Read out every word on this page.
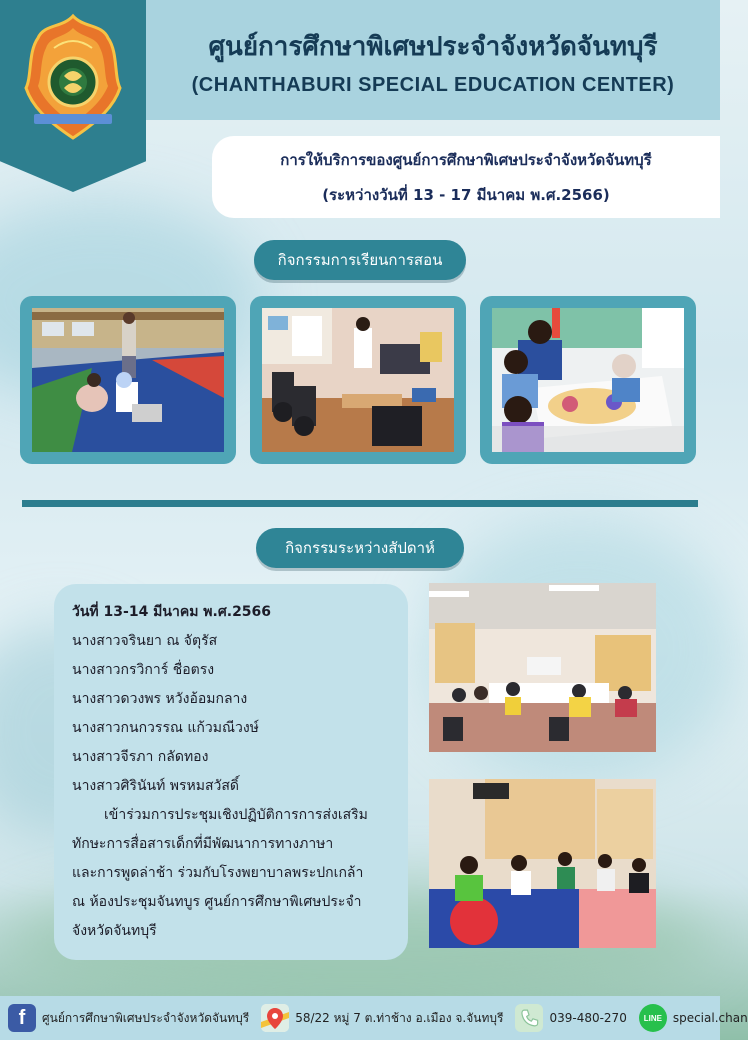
ศูนย์การศึกษาพิเศษประจำจังหวัดจันทบุรี
(CHANTHABURI SPECIAL EDUCATION CENTER)
การให้บริการของศูนย์การศึกษาพิเศษประจำจังหวัดจันทบุรี
(ระหว่างวันที่ 13 - 17 มีนาคม พ.ศ.2566)
กิจกรรมการเรียนการสอน
กิจกรรมระหว่างสัปดาห์
วันที่ 13-14 มีนาคม พ.ศ.2566
นางสาวจรินยา ณ จัตุรัส
นางสาวกรวิการ์ ชื่อตรง
นางสาวดวงพร หวังอ้อมกลาง
นางสาวกนกวรรณ แก้วมณีวงษ์
นางสาวจีรภา กลัดทอง
นางสาวศิรินันท์ พรหมสวัสดิ์
เข้าร่วมการประชุมเชิงปฏิบัติการการส่งเสริม
ทักษะการสื่อสารเด็กที่มีพัฒนาการทางภาษา
และการพูดล่าช้า ร่วมกับโรงพยาบาลพระปกเกล้า
ณ ห้องประชุมจันทบูร ศูนย์การศึกษาพิเศษประจำ
จังหวัดจันทบุรี
f	ศูนย์การศึกษาพิเศษประจำจังหวัดจันทบุรี	58/22 หมู่ 7 ต.ท่าช้าง อ.เมือง จ.จันทบุรี	039-480-270	LINE special.chan
